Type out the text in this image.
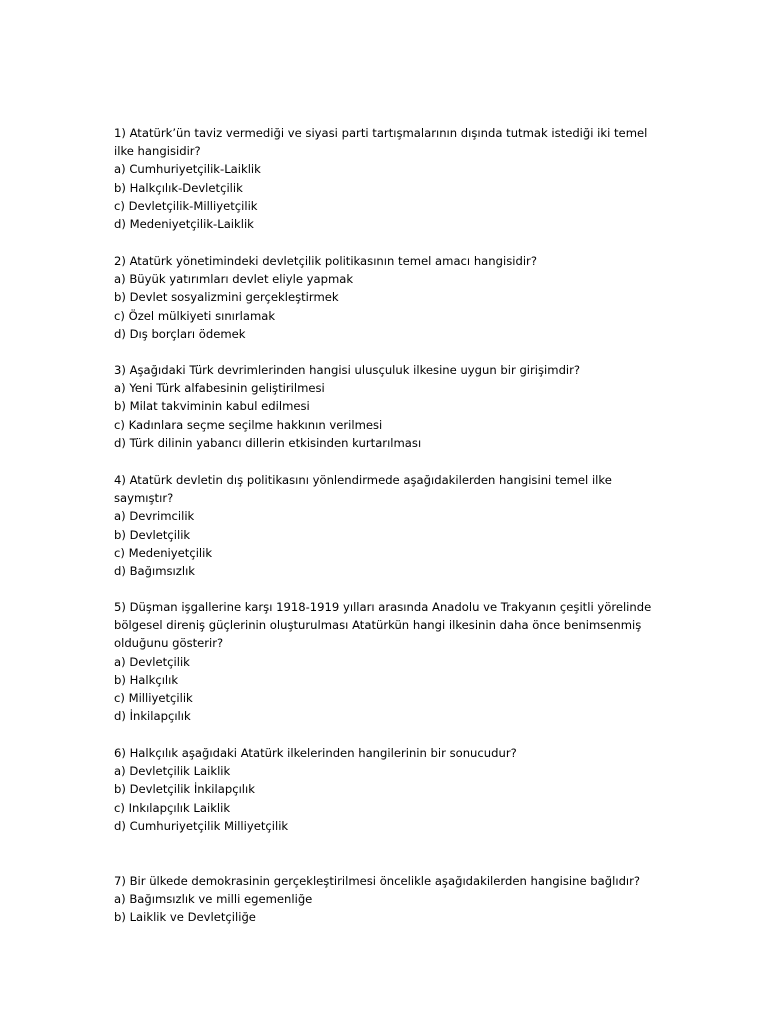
1) Atatürk’ün taviz vermediği ve siyasi parti tartışmalarının dışında tutmak istediği iki temel
ilke hangisidir?
a) Cumhuriyetçilik-Laiklik
b) Halkçılık-Devletçilik
c) Devletçilik-Milliyetçilik
d) Medeniyetçilik-Laiklik
2) Atatürk yönetimindeki devletçilik politikasının temel amacı hangisidir?
a) Büyük yatırımları devlet eliyle yapmak
b) Devlet sosyalizmini gerçekleştirmek
c) Özel mülkiyeti sınırlamak
d) Dış borçları ödemek
3) Aşağıdaki Türk devrimlerinden hangisi ulusçuluk ilkesine uygun bir girişimdir?
a) Yeni Türk alfabesinin geliştirilmesi
b) Milat takviminin kabul edilmesi
c) Kadınlara seçme seçilme hakkının verilmesi
d) Türk dilinin yabancı dillerin etkisinden kurtarılması
4) Atatürk devletin dış politikasını yönlendirmede aşağıdakilerden hangisini temel ilke
saymıştır?
a) Devrimcilik
b) Devletçilik
c) Medeniyetçilik
d) Bağımsızlık
5) Düşman işgallerine karşı 1918-1919 yılları arasında Anadolu ve Trakyanın çeşitli yörelinde
bölgesel direniş güçlerinin oluşturulması Atatürkün hangi ilkesinin daha önce benimsenmiş
olduğunu gösterir?
a) Devletçilik
b) Halkçılık
c) Milliyetçilik
d) İnkilapçılık
6) Halkçılık aşağıdaki Atatürk ilkelerinden hangilerinin bir sonucudur?
a) Devletçilik Laiklik
b) Devletçilik İnkilapçılık
c) Inkılapçılık Laiklik
d) Cumhuriyetçilik Milliyetçilik
7) Bir ülkede demokrasinin gerçekleştirilmesi öncelikle aşağıdakilerden hangisine bağlıdır?
a) Bağımsızlık ve milli egemenliğe
b) Laiklik ve Devletçiliğe
